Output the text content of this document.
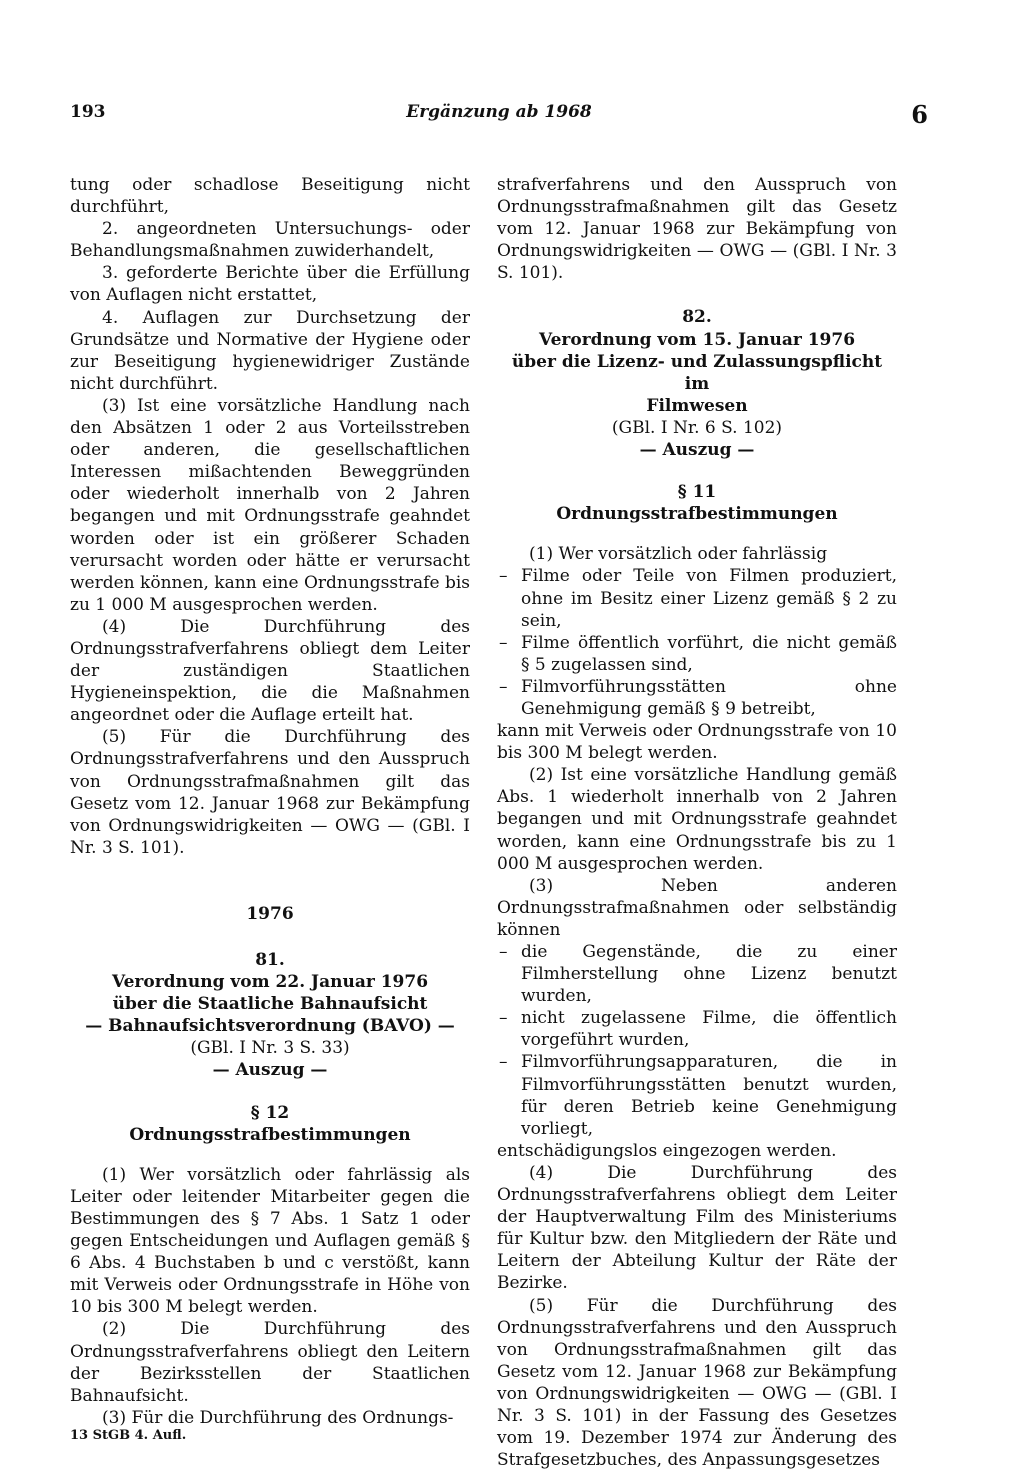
193	Ergänzung ab 1968	6

tung oder schadlose Beseitigung nicht durchführt,

2. angeordneten Untersuchungs- oder Behandlungsmaßnahmen zuwiderhandelt,

3. geforderte Berichte über die Erfüllung von Auflagen nicht erstattet,

4. Auflagen zur Durchsetzung der Grundsätze und Normative der Hygiene oder zur Beseitigung hygienewidriger Zustände nicht durchführt.

(3) Ist eine vorsätzliche Handlung nach den Absätzen 1 oder 2 aus Vorteilsstreben oder anderen, die gesellschaftlichen Interessen mißachtenden Beweggründen oder wiederholt innerhalb von 2 Jahren begangen und mit Ordnungsstrafe geahndet worden oder ist ein größerer Schaden verursacht worden oder hätte er verursacht werden können, kann eine Ordnungsstrafe bis zu 1 000 M ausgesprochen werden.

(4) Die Durchführung des Ordnungsstrafverfahrens obliegt dem Leiter der zuständigen Staatlichen Hygieneinspektion, die die Maßnahmen angeordnet oder die Auflage erteilt hat.

(5) Für die Durchführung des Ordnungsstrafverfahrens und den Ausspruch von Ordnungsstrafmaßnahmen gilt das Gesetz vom 12. Januar 1968 zur Bekämpfung von Ordnungswidrigkeiten — OWG — (GBl. I Nr. 3 S. 101).

1976

81.

Verordnung vom 22. Januar 1976

über die Staatliche Bahnaufsicht

— Bahnaufsichtsverordnung (BAVO) —

(GBl. I Nr. 3 S. 33)

— Auszug —

§ 12

Ordnungsstrafbestimmungen

(1) Wer vorsätzlich oder fahrlässig als Leiter oder leitender Mitarbeiter gegen die Bestimmungen des § 7 Abs. 1 Satz 1 oder gegen Entscheidungen und Auflagen gemäß § 6 Abs. 4 Buchstaben b und c verstößt, kann mit Verweis oder Ordnungsstrafe in Höhe von 10 bis 300 M belegt werden.

(2) Die Durchführung des Ordnungsstrafverfahrens obliegt den Leitern der Bezirksstellen der Staatlichen Bahnaufsicht.

(3) Für die Durchführung des Ordnungs-

strafverfahrens und den Ausspruch von Ordnungsstrafmaßnahmen gilt das Gesetz vom 12. Januar 1968 zur Bekämpfung von Ordnungswidrigkeiten — OWG — (GBl. I Nr. 3 S. 101).

82.

Verordnung vom 15. Januar 1976

über die Lizenz- und Zulassungspflicht im

Filmwesen

(GBl. I Nr. 6 S. 102)

— Auszug —

§ 11

Ordnungsstrafbestimmungen

(1) Wer vorsätzlich oder fahrlässig

– Filme oder Teile von Filmen produziert, ohne im Besitz einer Lizenz gemäß § 2 zu sein,
– Filme öffentlich vorführt, die nicht gemäß § 5 zugelassen sind,
– Filmvorführungsstätten ohne Genehmigung gemäß § 9 betreibt,

kann mit Verweis oder Ordnungsstrafe von 10 bis 300 M belegt werden.

(2) Ist eine vorsätzliche Handlung gemäß Abs. 1 wiederholt innerhalb von 2 Jahren begangen und mit Ordnungsstrafe geahndet worden, kann eine Ordnungsstrafe bis zu 1 000 M ausgesprochen werden.

(3) Neben anderen Ordnungsstrafmaßnahmen oder selbständig können

– die Gegenstände, die zu einer Filmherstellung ohne Lizenz benutzt wurden,
– nicht zugelassene Filme, die öffentlich vorgeführt wurden,
– Filmvorführungsapparaturen, die in Filmvorführungsstätten benutzt wurden, für deren Betrieb keine Genehmigung vorliegt,

entschädigungslos eingezogen werden.

(4) Die Durchführung des Ordnungsstrafverfahrens obliegt dem Leiter der Hauptverwaltung Film des Ministeriums für Kultur bzw. den Mitgliedern der Räte und Leitern der Abteilung Kultur der Räte der Bezirke.

(5) Für die Durchführung des Ordnungsstrafverfahrens und den Ausspruch von Ordnungsstrafmaßnahmen gilt das Gesetz vom 12. Januar 1968 zur Bekämpfung von Ordnungswidrigkeiten — OWG — (GBl. I Nr. 3 S. 101) in der Fassung des Gesetzes vom 19. Dezember 1974 zur Änderung des Strafgesetzbuches, des Anpassungsgesetzes

13 StGB 4. Aufl.
